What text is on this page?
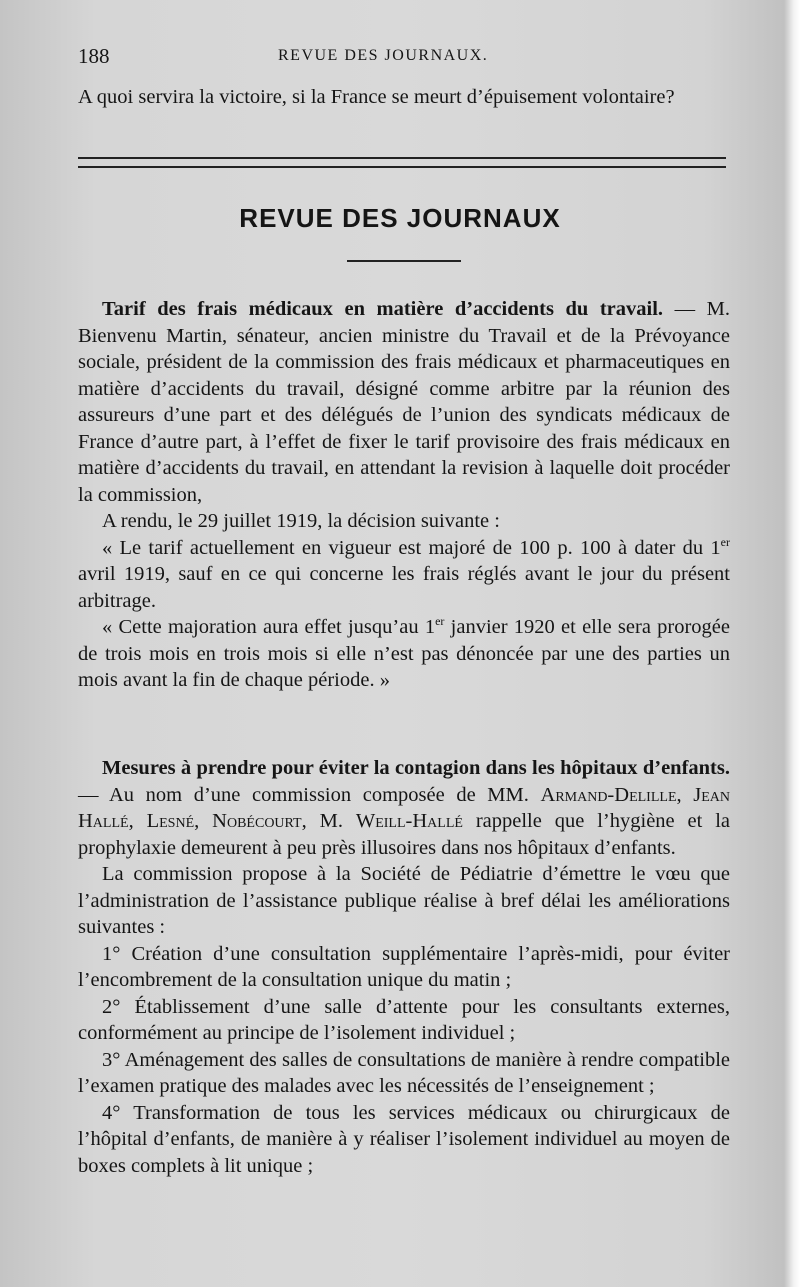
188	REVUE DES JOURNAUX.

A quoi servira la victoire, si la France se meurt d’épuisement volontaire?

REVUE DES JOURNAUX

Tarif des frais médicaux en matière d’accidents du travail. — M. Bienvenu Martin, sénateur, ancien ministre du Travail et de la Prévoyance sociale, président de la commission des frais médicaux et pharmaceutiques en matière d’accidents du travail, désigné comme arbitre par la réunion des assureurs d’une part et des délégués de l’union des syndicats médicaux de France d’autre part, à l’effet de fixer le tarif provisoire des frais médicaux en matière d’accidents du travail, en attendant la revision à laquelle doit procéder la commission,

A rendu, le 29 juillet 1919, la décision suivante :

« Le tarif actuellement en vigueur est majoré de 100 p. 100 à dater du 1er avril 1919, sauf en ce qui concerne les frais réglés avant le jour du présent arbitrage.

« Cette majoration aura effet jusqu’au 1er janvier 1920 et elle sera prorogée de trois mois en trois mois si elle n’est pas dénoncée par une des parties un mois avant la fin de chaque période. »

Mesures à prendre pour éviter la contagion dans les hôpitaux d’enfants. — Au nom d’une commission composée de MM. Armand-Delille, Jean Hallé, Lesné, Nobécourt, M. Weill-Hallé rappelle que l’hygiène et la prophylaxie demeurent à peu près illusoires dans nos hôpitaux d’enfants.

La commission propose à la Société de Pédiatrie d’émettre le vœu que l’administration de l’assistance publique réalise à bref délai les améliorations suivantes :

1° Création d’une consultation supplémentaire l’après-midi, pour éviter l’encombrement de la consultation unique du matin ;

2° Établissement d’une salle d’attente pour les consultants externes, conformément au principe de l’isolement individuel ;

3° Aménagement des salles de consultations de manière à rendre compatible l’examen pratique des malades avec les nécessités de l’enseignement ;

4° Transformation de tous les services médicaux ou chirurgicaux de l’hôpital d’enfants, de manière à y réaliser l’isolement individuel au moyen de boxes complets à lit unique ;
